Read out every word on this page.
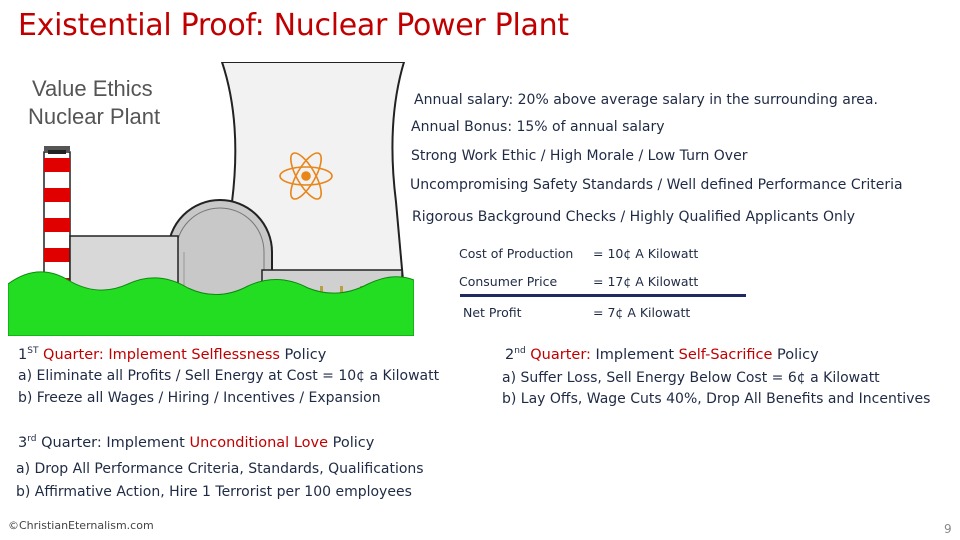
Existential Proof: Nuclear Power Plant
Value Ethics
Nuclear Plant
Annual salary: 20% above average salary in the surrounding area.
Annual Bonus: 15% of annual salary
Strong Work Ethic / High Morale / Low Turn Over
Uncompromising Safety Standards / Well defined Performance Criteria
Rigorous Background Checks / Highly Qualified Applicants Only
Cost of Production = 10¢ A Kilowatt
Consumer Price	= 17¢ A Kilowatt
Net Profit	= 7¢ A Kilowatt
1ST Quarter: Implement Selflessness Policy
a) Eliminate all Profits / Sell Energy at Cost = 10¢ a Kilowatt
b) Freeze all Wages / Hiring / Incentives / Expansion
2nd Quarter: Implement Self-Sacrifice Policy
a) Suffer Loss, Sell Energy Below Cost = 6¢ a Kilowatt
b) Lay Offs, Wage Cuts 40%, Drop All Benefits and Incentives
3rd Quarter: Implement Unconditional Love Policy
a) Drop All Performance Criteria, Standards, Qualifications
b) Affirmative Action, Hire 1 Terrorist per 100 employees
©ChristianEternalism.com	9
